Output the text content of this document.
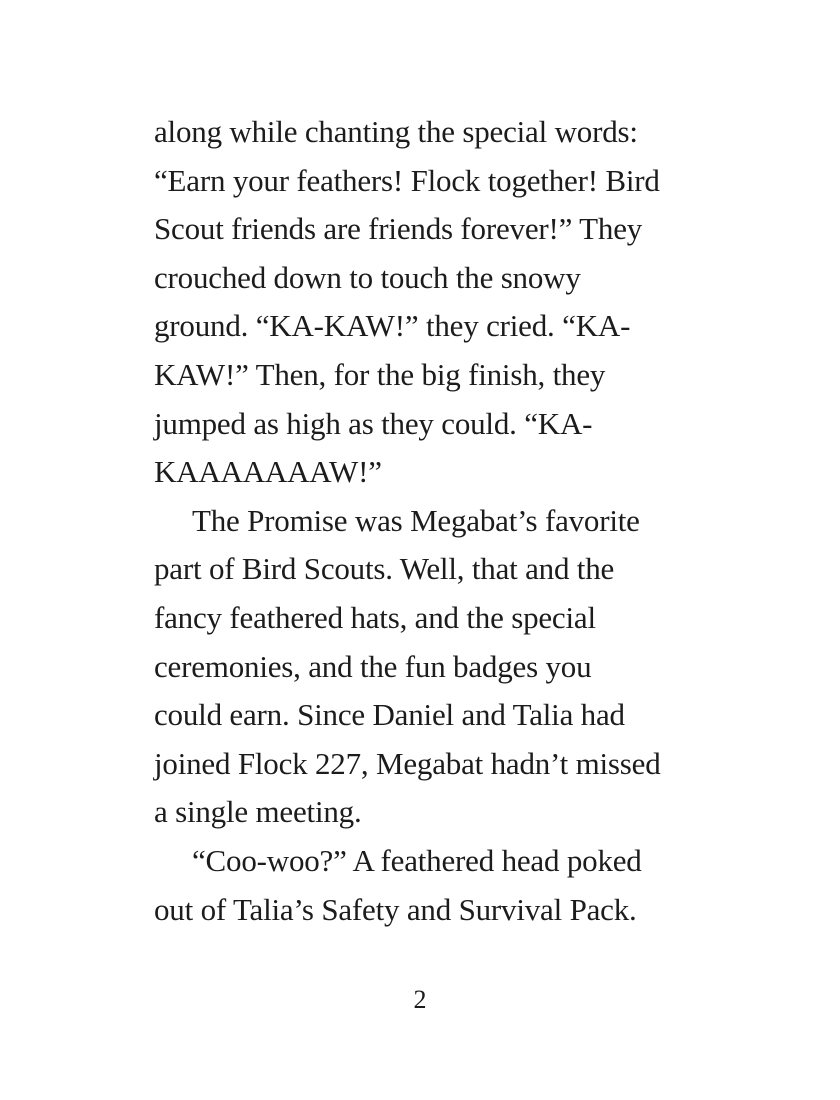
along while chanting the special words:
“Earn your feathers! Flock together! Bird
Scout friends are friends forever!” They
crouched down to touch the snowy
ground. “KA-KAW!” they cried. “KA-
KAW!” Then, for the big finish, they
jumped as high as they could. “KA-
KAAAAAAAW!”
The Promise was Megabat’s favorite
part of Bird Scouts. Well, that and the
fancy feathered hats, and the special
ceremonies, and the fun badges you
could earn. Since Daniel and Talia had
joined Flock 227, Megabat hadn’t missed
a single meeting.
“Coo-woo?” A feathered head poked
out of Talia’s Safety and Survival Pack.
2
